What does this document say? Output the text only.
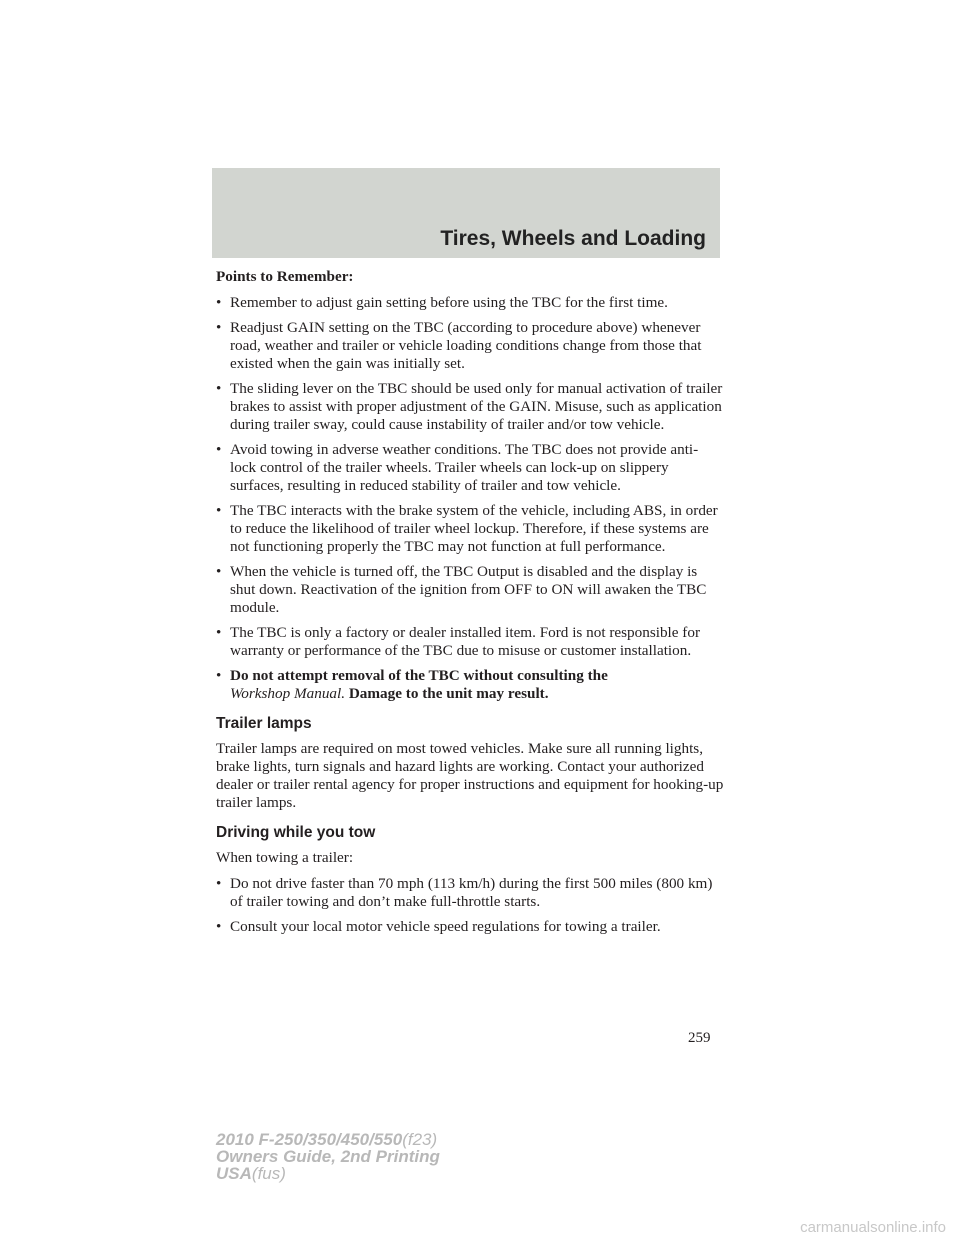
Tires, Wheels and Loading
Points to Remember:
• Remember to adjust gain setting before using the TBC for the first time.
• Readjust GAIN setting on the TBC (according to procedure above) whenever road, weather and trailer or vehicle loading conditions change from those that existed when the gain was initially set.
• The sliding lever on the TBC should be used only for manual activation of trailer brakes to assist with proper adjustment of the GAIN. Misuse, such as application during trailer sway, could cause instability of trailer and/or tow vehicle.
• Avoid towing in adverse weather conditions. The TBC does not provide anti-lock control of the trailer wheels. Trailer wheels can lock-up on slippery surfaces, resulting in reduced stability of trailer and tow vehicle.
• The TBC interacts with the brake system of the vehicle, including ABS, in order to reduce the likelihood of trailer wheel lockup. Therefore, if these systems are not functioning properly the TBC may not function at full performance.
• When the vehicle is turned off, the TBC Output is disabled and the display is shut down. Reactivation of the ignition from OFF to ON will awaken the TBC module.
• The TBC is only a factory or dealer installed item. Ford is not responsible for warranty or performance of the TBC due to misuse or customer installation.
• Do not attempt removal of the TBC without consulting the
Workshop Manual. Damage to the unit may result.
Trailer lamps

Trailer lamps are required on most towed vehicles. Make sure all running lights, brake lights, turn signals and hazard lights are working. Contact your authorized dealer or trailer rental agency for proper instructions and equipment for hooking-up trailer lamps.

Driving while you tow

When towing a trailer:

• Do not drive faster than 70 mph (113 km/h) during the first 500 miles (800 km) of trailer towing and don’t make full-throttle starts.
• Consult your local motor vehicle speed regulations for towing a trailer.
259
2010 F-250/350/450/550(f23)
Owners Guide, 2nd Printing
USA(fus)
carmanualsonline.info
